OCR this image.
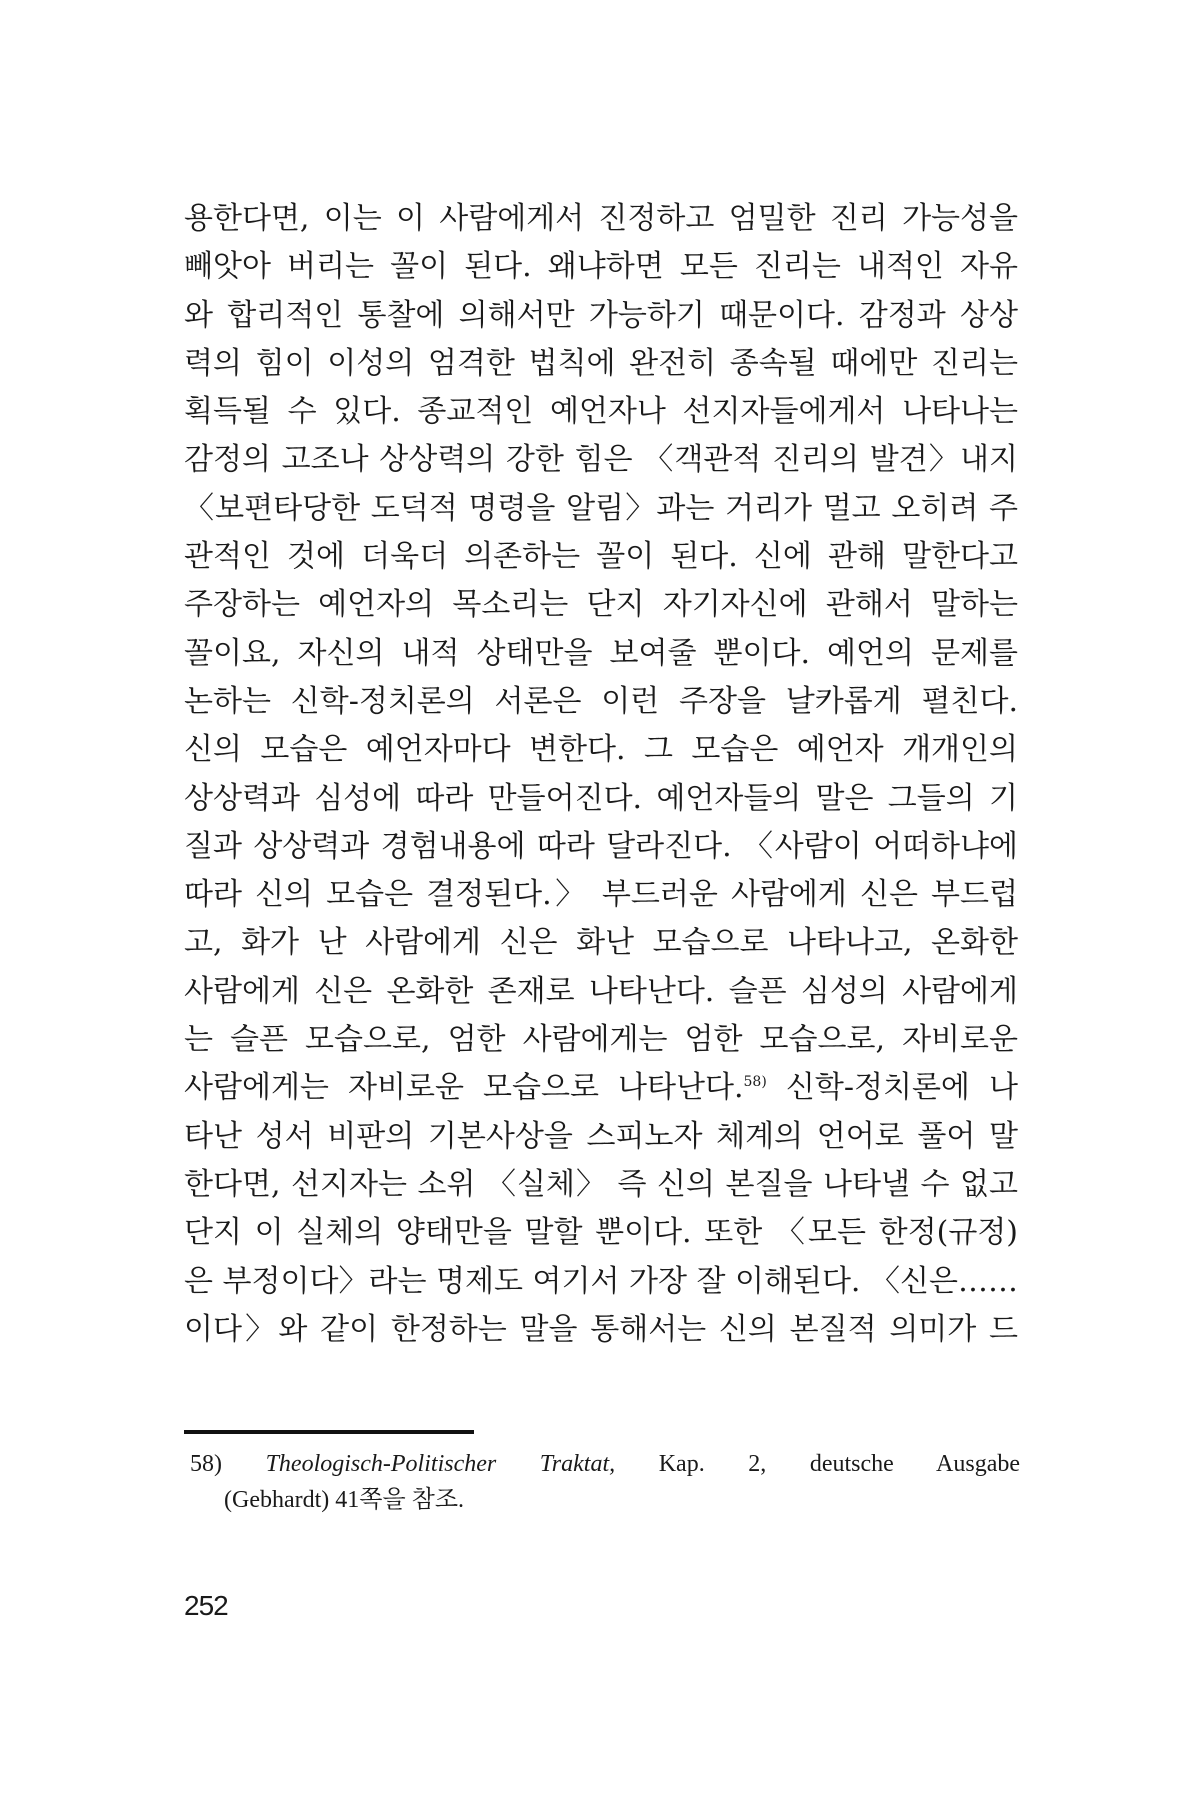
용한다면, 이는 이 사람에게서 진정하고 엄밀한 진리 가능성을
빼앗아 버리는 꼴이 된다. 왜냐하면 모든 진리는 내적인 자유
와 합리적인 통찰에 의해서만 가능하기 때문이다. 감정과 상상
력의 힘이 이성의 엄격한 법칙에 완전히 종속될 때에만 진리는
획득될 수 있다. 종교적인 예언자나 선지자들에게서 나타나는
감정의 고조나 상상력의 강한 힘은 〈객관적 진리의 발견〉내지
〈보편타당한 도덕적 명령을 알림〉과는 거리가 멀고 오히려 주
관적인 것에 더욱더 의존하는 꼴이 된다. 신에 관해 말한다고
주장하는 예언자의 목소리는 단지 자기자신에 관해서 말하는
꼴이요, 자신의 내적 상태만을 보여줄 뿐이다. 예언의 문제를
논하는 신학-정치론의 서론은 이런 주장을 날카롭게 펼친다.
신의 모습은 예언자마다 변한다. 그 모습은 예언자 개개인의
상상력과 심성에 따라 만들어진다. 예언자들의 말은 그들의 기
질과 상상력과 경험내용에 따라 달라진다. 〈사람이 어떠하냐에
따라 신의 모습은 결정된다.〉 부드러운 사람에게 신은 부드럽
고, 화가 난 사람에게 신은 화난 모습으로 나타나고, 온화한
사람에게 신은 온화한 존재로 나타난다. 슬픈 심성의 사람에게
는 슬픈 모습으로, 엄한 사람에게는 엄한 모습으로, 자비로운
사람에게는 자비로운 모습으로 나타난다.$^{58)}$ 신학-정치론에 나
타난 성서 비판의 기본사상을 스피노자 체계의 언어로 풀어 말
한다면, 선지자는 소위 〈실체〉 즉 신의 본질을 나타낼 수 없고
단지 이 실체의 양태만을 말할 뿐이다. 또한 〈모든 한정(규정)
은 부정이다〉라는 명제도 여기서 가장 잘 이해된다. 〈신은……
이다〉와 같이 한정하는 말을 통해서는 신의 본질적 의미가 드
58) Theologisch-Politischer Traktat, Kap. 2, deutsche Ausgabe
(Gebhardt) 41쪽을 참조.
252
